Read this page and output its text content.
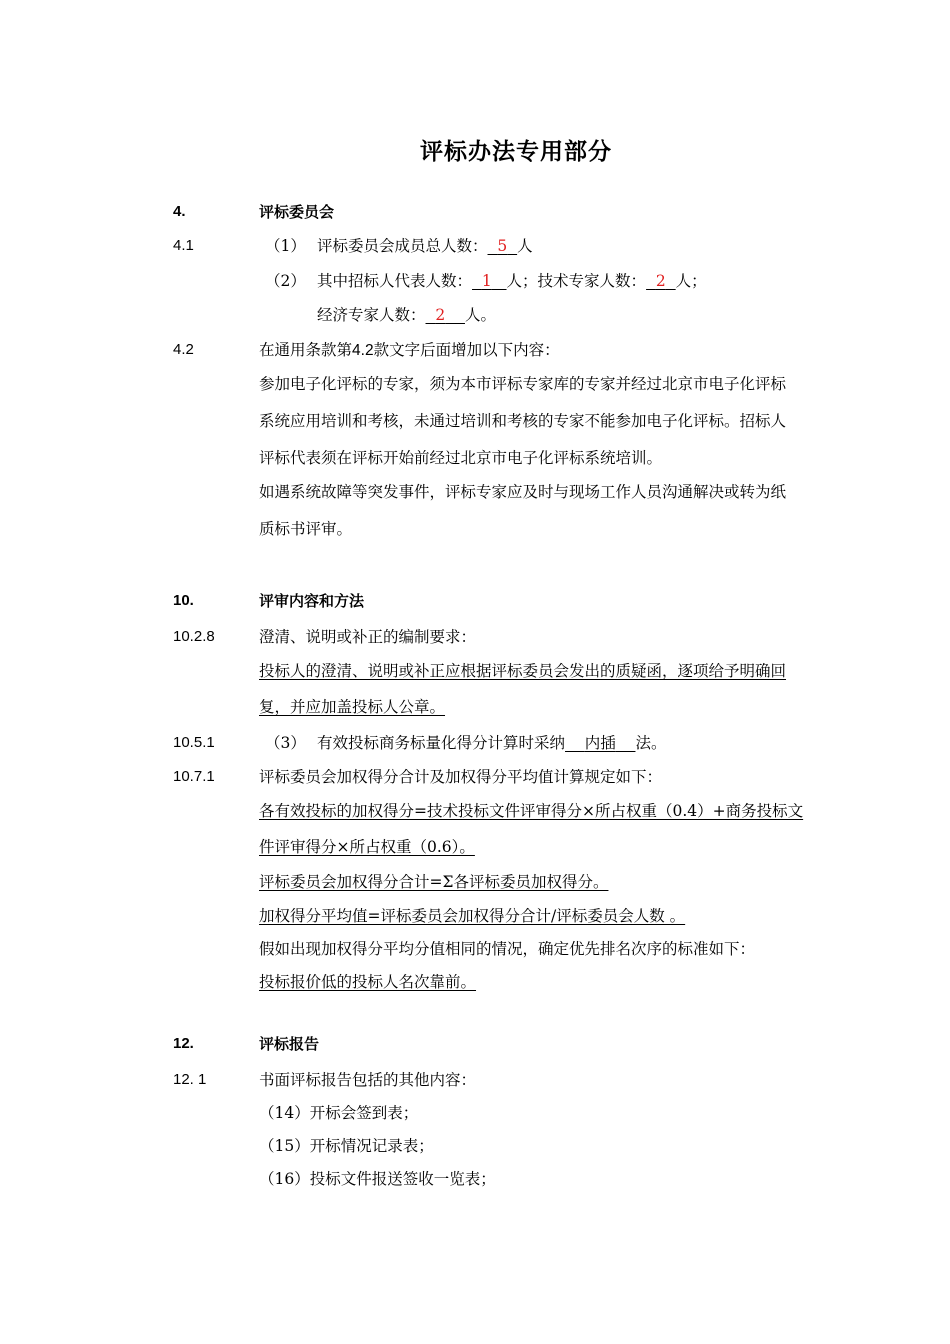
评标办法专用部分
4.	评标委员会
4.1	（1） 评标委员会成员总人数： 5 人
（2） 其中招标人代表人数： 1 人；技术专家人数： 2 人；
经济专家人数： 2 人。
4.2	在通用条款第4.2款文字后面增加以下内容：
参加电子化评标的专家，须为本市评标专家库的专家并经过北京市电子化评标
系统应用培训和考核，未通过培训和考核的专家不能参加电子化评标。招标人
评标代表须在评标开始前经过北京市电子化评标系统培训。
如遇系统故障等突发事件，评标专家应及时与现场工作人员沟通解决或转为纸
质标书评审。
10.	评审内容和方法
10.2.8	澄清、说明或补正的编制要求：
投标人的澄清、说明或补正应根据评标委员会发出的质疑函，逐项给予明确回
复，并应加盖投标人公章。
10.5.1	（3） 有效投标商务标量化得分计算时采纳 内插 法。
10.7.1	评标委员会加权得分合计及加权得分平均值计算规定如下：
各有效投标的加权得分=技术投标文件评审得分×所占权重（0.4）+商务投标文
件评审得分×所占权重（0.6）。
评标委员会加权得分合计=Σ各评标委员加权得分。
加权得分平均值=评标委员会加权得分合计/评标委员会人数 。
假如出现加权得分平均分值相同的情况，确定优先排名次序的标准如下：
投标报价低的投标人名次靠前。
12.	评标报告
12. 1	书面评标报告包括的其他内容：
（14）开标会签到表；
（15）开标情况记录表；
（16）投标文件报送签收一览表；
